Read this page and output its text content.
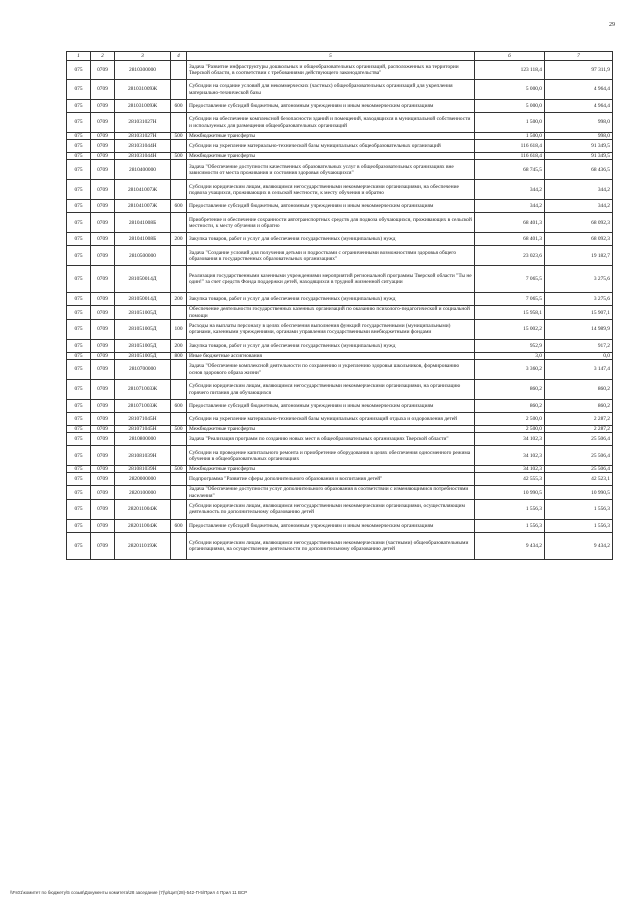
29
1	2	3	4	5	6	7
075	0709	2810300000		Задача "Развитие инфраструктуры дошкольных и общеобразовательных организаций, расположенных на территории Тверской области, в соответствии с требованиями действующего законодательства"	123 118,4	97 311,9
075	0709	281031009Ж		Субсидии на создание условий для некоммерческих (частных) общеобразовательных организаций для укрепления материально-технической базы	5 000,0	4 964,4
075	0709	281031009Ж	600	Предоставление субсидий бюджетным, автономным учреждениям и иным некоммерческим организациям	5 000,0	4 964,4
075	0709	281031027Н		Субсидии на обеспечение комплексной безопасности зданий и помещений, находящихся в муниципальной собственности и используемых для размещения общеобразовательных организаций	1 500,0	998,0
075	0709	281031027Н	500	Межбюджетные трансферты	1 500,0	998,0
075	0709	281031044Н		Субсидии на укрепление материально-технической базы муниципальных общеобразовательных организаций	116 618,4	91 349,5
075	0709	281031044Н	500	Межбюджетные трансферты	116 618,4	91 349,5
075	0709	2810400000		Задача "Обеспечение доступности качественных образовательных услуг в общеобразовательных организациях вне зависимости от места проживания и состояния здоровья обучающихся"	68 745,5	68 436,5
075	0709	281041007Ж		Субсидии юридическим лицам, являющимся негосударственными некоммерческими организациями, на обеспечение подвоза учащихся, проживающих в сельской местности, к месту обучения и обратно	344,2	344,2
075	0709	281041007Ж	600	Предоставление субсидий бюджетным, автономным учреждениям и иным некоммерческим организациям	344,2	344,2
075	0709	281041008Б		Приобретение и обеспечение сохранности автотранспортных средств для подвоза обучающихся, проживающих в сельской местности, к месту обучения и обратно	68 401,3	68 092,3
075	0709	281041008Б	200	Закупка товаров, работ и услуг для обеспечения государственных (муниципальных) нужд	68 401,3	68 092,3
075	0709	2810500000		Задача "Создание условий для получения детьми и подростками с ограниченными возможностями здоровья общего образования в государственных образовательных организациях"	23 023,6	19 182,7
075	0709	281050014Д		Реализация государственными казенными учреждениями мероприятий региональной программы Тверской области "Ты не один!" за счет средств Фонда поддержки детей, находящихся в трудной жизненной ситуации	7 065,5	3 275,6
075	0709	281050014Д	200	Закупка товаров, работ и услуг для обеспечения государственных (муниципальных) нужд	7 065,5	3 275,6
075	0709	281051005Д		Обеспечение деятельности государственных казенных организаций по оказанию психолого-педагогической и социальной помощи	15 958,1	15 907,1
075	0709	281051005Д	100	Расходы на выплаты персоналу в целях обеспечения выполнения функций государственными (муниципальными) органами, казенными учреждениями, органами управления государственными внебюджетными фондами	15 002,2	14 989,9
075	0709	281051005Д	200	Закупка товаров, работ и услуг для обеспечения государственных (муниципальных) нужд	952,9	917,2
075	0709	281051005Д	800	Иные бюджетные ассигнования	3,0	0,0
075	0709	2810700000		Задача "Обеспечение комплексной деятельности по сохранению и укреплению здоровья школьников, формированию основ здорового образа жизни"	3 360,2	3 147,4
075	0709	281071003Ж		Субсидии юридическим лицам, являющимся негосударственными некоммерческими организациями, на организацию горячего питания для обучающихся	860,2	860,2
075	0709	281071003Ж	600	Предоставление субсидий бюджетным, автономным учреждениям и иным некоммерческим организациям	860,2	860,2
075	0709	281071045Н		Субсидии на укрепление материально-технической базы муниципальных организаций отдыха и оздоровления детей	2 500,0	2 287,2
075	0709	281071045Н	500	Межбюджетные трансферты	2 500,0	2 287,2
075	0709	2810800000		Задача "Реализация программ по созданию новых мест в общеобразовательных организациях Тверской области"	34 102,3	25 506,4
075	0709	281081039Н		Субсидии на проведение капитального ремонта и приобретение оборудования в целях обеспечения односменного режима обучения в общеобразовательных организациях	34 102,3	25 506,4
075	0709	281081039Н	500	Межбюджетные трансферты	34 102,3	25 506,4
075	0709	2820000000		Подпрограмма "Развитие сферы дополнительного образования и воспитания детей"	42 555,3	42 523,1
075	0709	2820100000		Задача "Обеспечение доступности услуг дополнительного образования в соответствии с изменяющимися потребностями населения"	10 990,5	10 990,5
075	0709	282011004Ж		Субсидии юридическим лицам, являющимся негосударственными некоммерческими организациями, осуществляющим деятельность по дополнительному образованию детей	1 556,3	1 556,3
075	0709	282011004Ж	600	Предоставление субсидий бюджетным, автономным учреждениям и иным некоммерческим организациям	1 556,3	1 556,3
075	0709	282011019Ж		Субсидии юридическим лицам, являющимся негосударственными некоммерческими (частными) общеобразовательными организациями, на осуществление деятельности по дополнительному образованию детей	9 434,2	9 434,2
\\Fs01\комитет по бюджету\5 созыв\Документы комитета\28 заседание (7)\р\Цит(28)-542-П-5\Прил 4 Прил 11 ВСР
